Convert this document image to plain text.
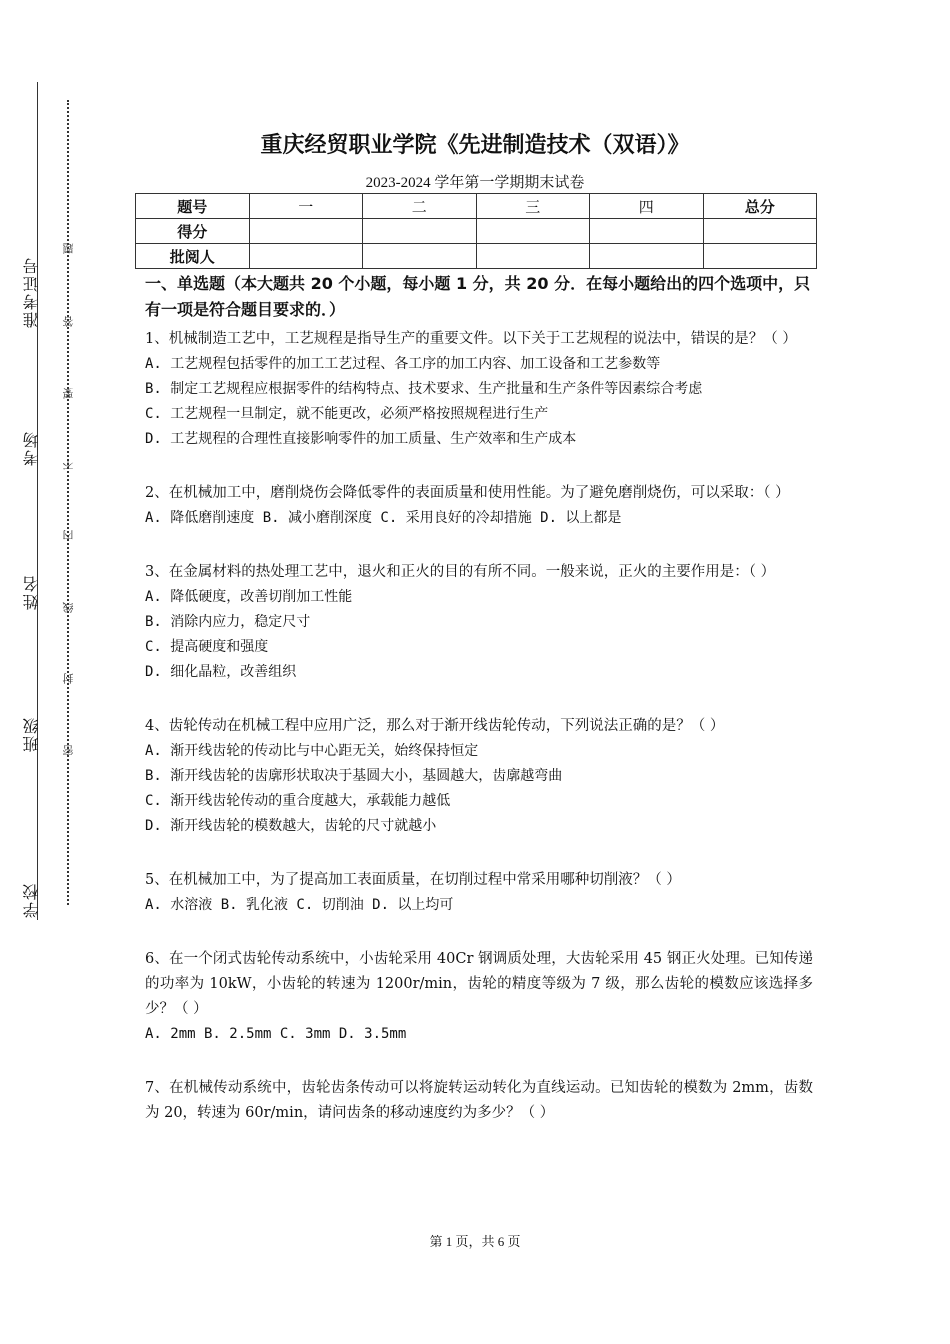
准考证号
考场
姓名
班级
学校
题
答
要
不
内
线
封
密
重庆经贸职业学院《先进制造技术（双语）》
2023-2024 学年第一学期期末试卷
题号	一	二	三	四	总分
得分					
批阅人					
一、单选题（本大题共 20 个小题，每小题 1 分，共 20 分．在每小题给出的四个选项中，只有一项是符合题目要求的．）
1、机械制造工艺中，工艺规程是指导生产的重要文件。以下关于工艺规程的说法中，错误的是？（ ）
A. 工艺规程包括零件的加工工艺过程、各工序的加工内容、加工设备和工艺参数等
B. 制定工艺规程应根据零件的结构特点、技术要求、生产批量和生产条件等因素综合考虑
C. 工艺规程一旦制定，就不能更改，必须严格按照规程进行生产
D. 工艺规程的合理性直接影响零件的加工质量、生产效率和生产成本
2、在机械加工中，磨削烧伤会降低零件的表面质量和使用性能。为了避免磨削烧伤，可以采取：（ ）
A. 降低磨削速度 B. 减小磨削深度 C. 采用良好的冷却措施 D. 以上都是
3、在金属材料的热处理工艺中，退火和正火的目的有所不同。一般来说，正火的主要作用是：（ ）
A. 降低硬度，改善切削加工性能
B. 消除内应力，稳定尺寸
C. 提高硬度和强度
D. 细化晶粒，改善组织
4、齿轮传动在机械工程中应用广泛，那么对于渐开线齿轮传动，下列说法正确的是？（ ）
A. 渐开线齿轮的传动比与中心距无关，始终保持恒定
B. 渐开线齿轮的齿廓形状取决于基圆大小，基圆越大，齿廓越弯曲
C. 渐开线齿轮传动的重合度越大，承载能力越低
D. 渐开线齿轮的模数越大，齿轮的尺寸就越小
5、在机械加工中，为了提高加工表面质量，在切削过程中常采用哪种切削液？（ ）
A. 水溶液 B. 乳化液 C. 切削油 D. 以上均可
6、在一个闭式齿轮传动系统中，小齿轮采用 40Cr 钢调质处理，大齿轮采用 45 钢正火处理。已知传递的功率为 10kW，小齿轮的转速为 1200r/min，齿轮的精度等级为 7 级，那么齿轮的模数应该选择多少？（ ）
A. 2mm B. 2.5mm C. 3mm D. 3.5mm
7、在机械传动系统中，齿轮齿条传动可以将旋转运动转化为直线运动。已知齿轮的模数为 2mm，齿数为 20，转速为 60r/min，请问齿条的移动速度约为多少？（ ）
第 1 页，共 6 页
